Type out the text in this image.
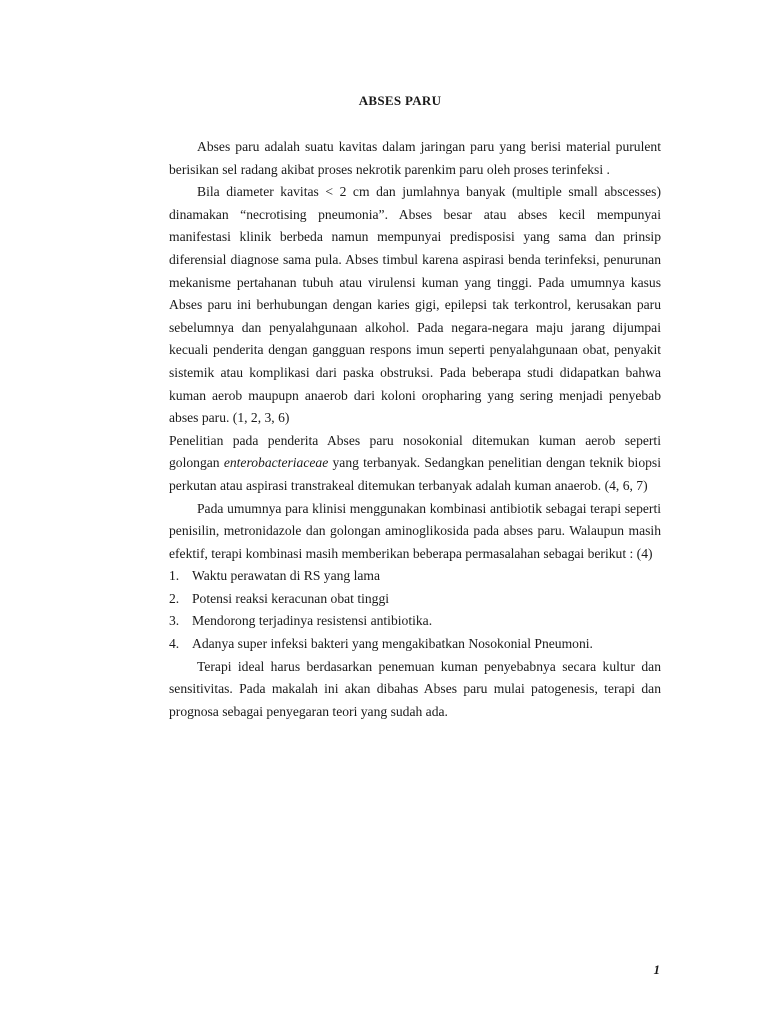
ABSES PARU

Abses paru adalah suatu kavitas dalam jaringan paru yang berisi material purulent berisikan sel radang akibat proses nekrotik parenkim paru oleh proses terinfeksi .

Bila diameter kavitas < 2 cm dan jumlahnya banyak (multiple small abscesses) dinamakan “necrotising pneumonia”. Abses besar atau abses kecil mempunyai manifestasi klinik berbeda namun mempunyai predisposisi yang sama dan prinsip diferensial diagnose sama pula. Abses timbul karena aspirasi benda terinfeksi, penurunan mekanisme pertahanan tubuh atau virulensi kuman yang tinggi. Pada umumnya kasus Abses paru ini berhubungan dengan karies gigi, epilepsi tak terkontrol, kerusakan paru sebelumnya dan penyalahgunaan alkohol. Pada negara-negara maju jarang dijumpai kecuali penderita dengan gangguan respons imun seperti penyalahgunaan obat, penyakit sistemik atau komplikasi dari paska obstruksi. Pada beberapa studi didapatkan bahwa kuman aerob maupupn anaerob dari koloni oropharing yang sering menjadi penyebab abses paru. (1, 2, 3, 6)

Penelitian pada penderita Abses paru nosokonial ditemukan kuman aerob seperti golongan enterobacteriaceae yang terbanyak. Sedangkan penelitian dengan teknik biopsi perkutan atau aspirasi transtrakeal ditemukan terbanyak adalah kuman anaerob. (4, 6, 7)

Pada umumnya para klinisi menggunakan kombinasi antibiotik sebagai terapi seperti penisilin, metronidazole dan golongan aminoglikosida pada abses paru. Walaupun masih efektif, terapi kombinasi masih memberikan beberapa permasalahan sebagai berikut : (4)

1. Waktu perawatan di RS yang lama
2. Potensi reaksi keracunan obat tinggi
3. Mendorong terjadinya resistensi antibiotika.
4. Adanya super infeksi bakteri yang mengakibatkan Nosokonial Pneumoni.

Terapi ideal harus berdasarkan penemuan kuman penyebabnya secara kultur dan sensitivitas. Pada makalah ini akan dibahas Abses paru mulai patogenesis, terapi dan prognosa sebagai penyegaran teori yang sudah ada.

1
